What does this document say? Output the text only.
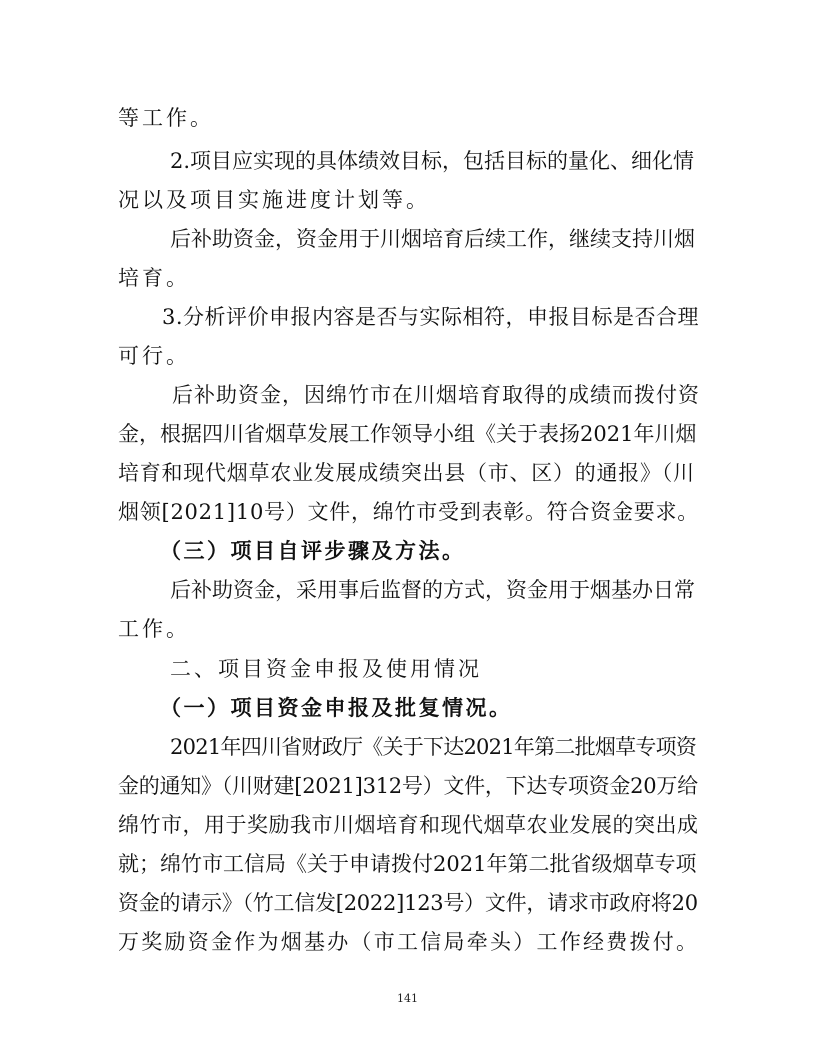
等工作。

2.项目应实现的具体绩效目标，包括目标的量化、细化情

况以及项目实施进度计划等。

后补助资金，资金用于川烟培育后续工作，继续支持川烟

培育。

3.分析评价申报内容是否与实际相符，申报目标是否合理

可行。

后补助资金，因绵竹市在川烟培育取得的成绩而拨付资

金，根据四川省烟草发展工作领导小组《关于表扬2021年川烟

培育和现代烟草农业发展成绩突出县（市、区）的通报》（川

烟领[2021]10号）文件，绵竹市受到表彰。符合资金要求。

（三）项目自评步骤及方法。

后补助资金，采用事后监督的方式，资金用于烟基办日常

工作。

二、项目资金申报及使用情况

（一）项目资金申报及批复情况。

2021年四川省财政厅《关于下达2021年第二批烟草专项资

金的通知》（川财建[2021]312号）文件，下达专项资金20万给

绵竹市，用于奖励我市川烟培育和现代烟草农业发展的突出成

就；绵竹市工信局《关于申请拨付2021年第二批省级烟草专项

资金的请示》（竹工信发[2022]123号）文件，请求市政府将20

万奖励资金作为烟基办（市工信局牵头）工作经费拨付。

141
